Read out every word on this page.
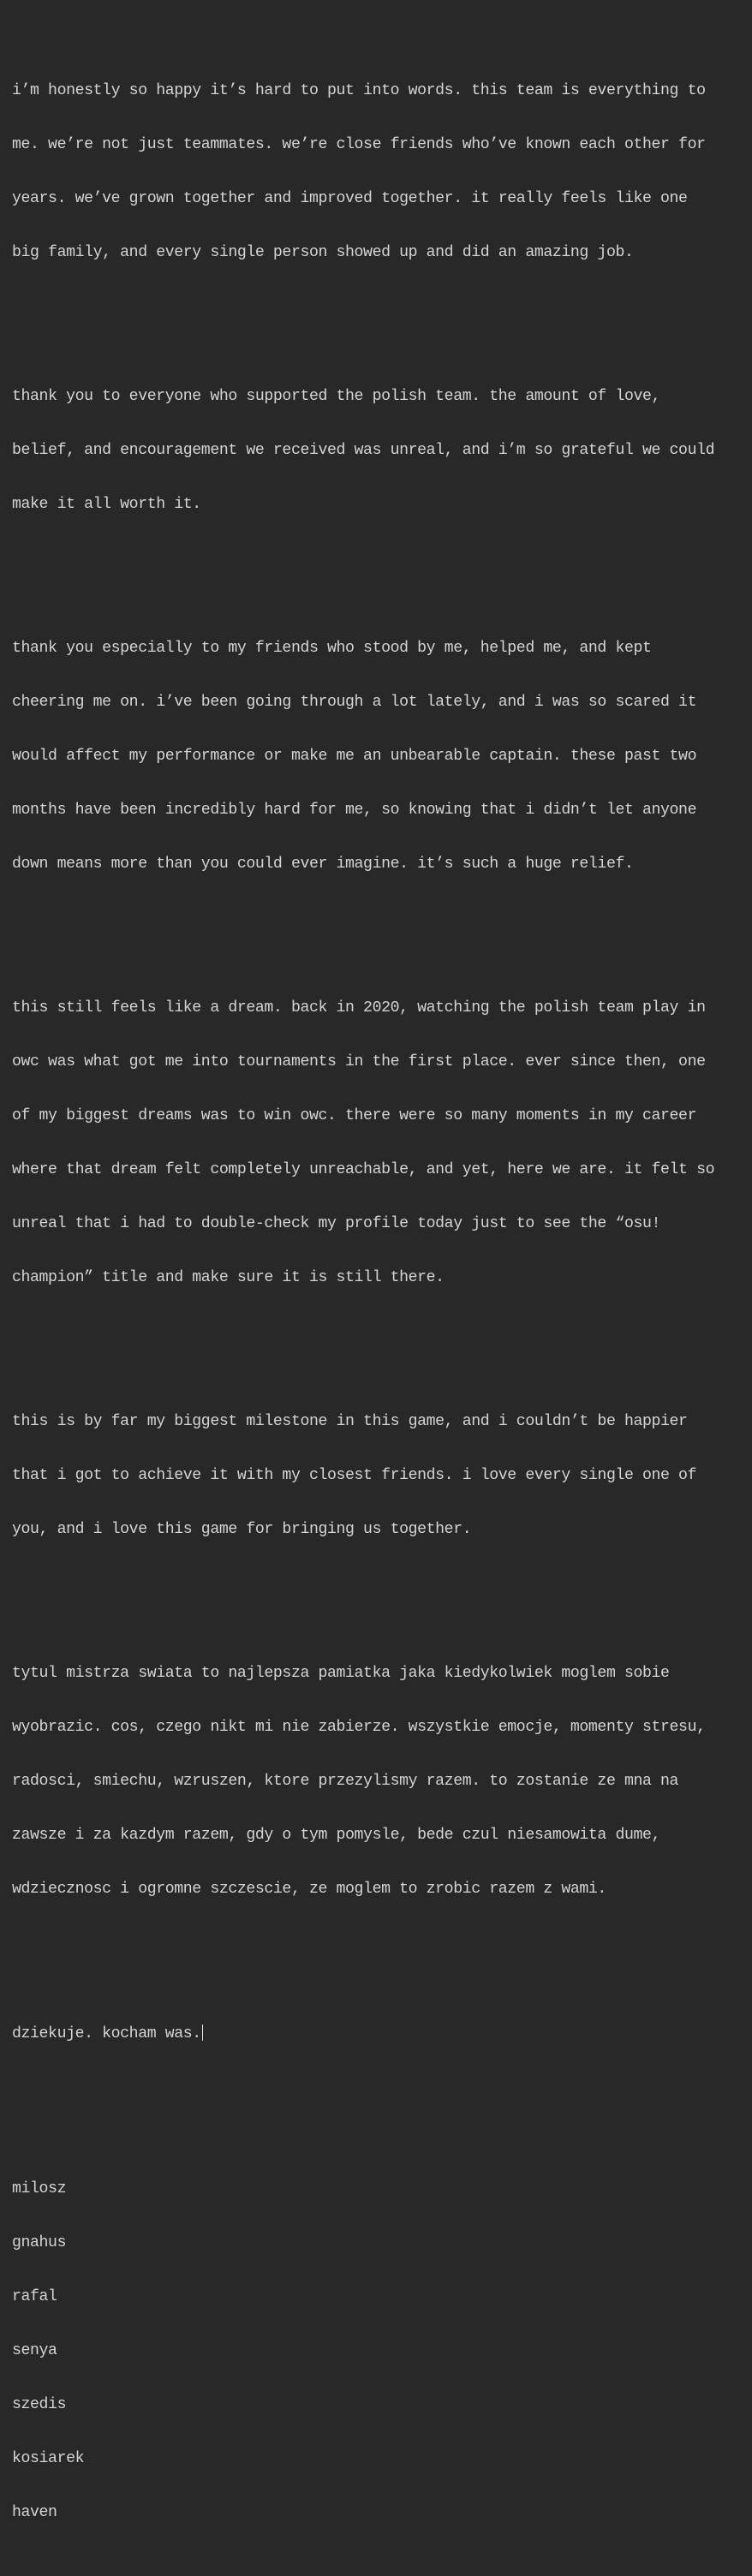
i’m honestly so happy it’s hard to put into words. this team is everything to

me. we’re not just teammates. we’re close friends who’ve known each other for

years. we’ve grown together and improved together. it really feels like one

big family, and every single person showed up and did an amazing job.

thank you to everyone who supported the polish team. the amount of love,

belief, and encouragement we received was unreal, and i’m so grateful we could

make it all worth it.

thank you especially to my friends who stood by me, helped me, and kept

cheering me on. i’ve been going through a lot lately, and i was so scared it

would affect my performance or make me an unbearable captain. these past two

months have been incredibly hard for me, so knowing that i didn’t let anyone

down means more than you could ever imagine. it’s such a huge relief.

this still feels like a dream. back in 2020, watching the polish team play in

owc was what got me into tournaments in the first place. ever since then, one

of my biggest dreams was to win owc. there were so many moments in my career

where that dream felt completely unreachable, and yet, here we are. it felt so

unreal that i had to double-check my profile today just to see the “osu!

champion” title and make sure it is still there.

this is by far my biggest milestone in this game, and i couldn’t be happier

that i got to achieve it with my closest friends. i love every single one of

you, and i love this game for bringing us together.

tytul mistrza swiata to najlepsza pamiatka jaka kiedykolwiek moglem sobie

wyobrazic. cos, czego nikt mi nie zabierze. wszystkie emocje, momenty stresu,

radosci, smiechu, wzruszen, ktore przezylismy razem. to zostanie ze mna na

zawsze i za kazdym razem, gdy o tym pomysle, bede czul niesamowita dume,

wdziecznosc i ogromne szczescie, ze moglem to zrobic razem z wami.

dziekuje. kocham was.

milosz

gnahus

rafal

senya

szedis

kosiarek

haven
